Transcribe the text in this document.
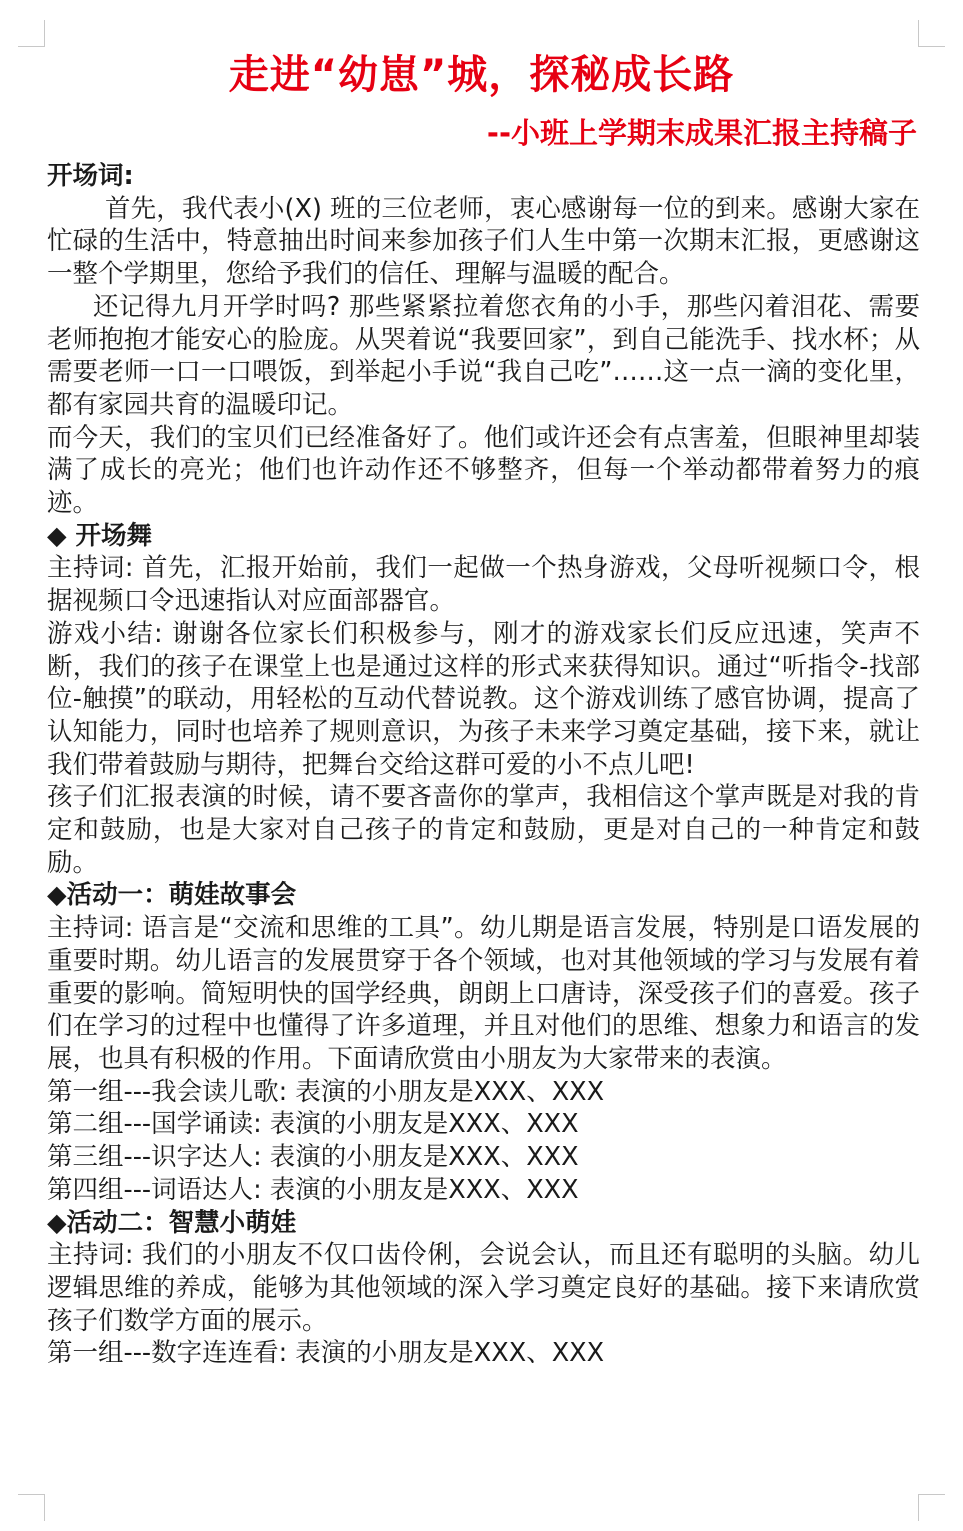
走进“幼崽”城，探秘成长路
--小班上学期末成果汇报主持稿子

开场词:

首先，我代表小(X) 班的三位老师，衷心感谢每一位的到来。感谢大家在忙碌的生活中，特意抽出时间来参加孩子们人生中第一次期末汇报，更感谢这一整个学期里，您给予我们的信任、理解与温暖的配合。

还记得九月开学时吗? 那些紧紧拉着您衣角的小手，那些闪着泪花、需要老师抱抱才能安心的脸庞。从哭着说“我要回家”，到自己能洗手、找水杯；从需要老师一口一口喂饭，到举起小手说“我自己吃”……这一点一滴的变化里，都有家园共育的温暖印记。

而今天，我们的宝贝们已经准备好了。他们或许还会有点害羞，但眼神里却装满了成长的亮光；他们也许动作还不够整齐，但每一个举动都带着努力的痕迹。

◆ 开场舞

主持词: 首先，汇报开始前，我们一起做一个热身游戏，父母听视频口令，根据视频口令迅速指认对应面部器官。

游戏小结: 谢谢各位家长们积极参与，刚才的游戏家长们反应迅速，笑声不断，我们的孩子在课堂上也是通过这样的形式来获得知识。通过“听指令-找部位-触摸”的联动，用轻松的互动代替说教。这个游戏训练了感官协调，提高了认知能力，同时也培养了规则意识，为孩子未来学习奠定基础，接下来，就让我们带着鼓励与期待，把舞台交给这群可爱的小不点儿吧!

孩子们汇报表演的时候，请不要吝啬你的掌声，我相信这个掌声既是对我的肯定和鼓励，也是大家对自己孩子的肯定和鼓励，更是对自己的一种肯定和鼓励。

◆活动一：萌娃故事会

主持词: 语言是“交流和思维的工具”。幼儿期是语言发展，特别是口语发展的重要时期。幼儿语言的发展贯穿于各个领域，也对其他领域的学习与发展有着重要的影响。简短明快的国学经典，朗朗上口唐诗，深受孩子们的喜爱。孩子们在学习的过程中也懂得了许多道理，并且对他们的思维、想象力和语言的发展，也具有积极的作用。下面请欣赏由小朋友为大家带来的表演。

第一组---我会读儿歌: 表演的小朋友是XXX、XXX

第二组---国学诵读: 表演的小朋友是XXX、XXX

第三组---识字达人: 表演的小朋友是XXX、XXX

第四组---词语达人: 表演的小朋友是XXX、XXX

◆活动二：智慧小萌娃

主持词: 我们的小朋友不仅口齿伶俐，会说会认，而且还有聪明的头脑。幼儿逻辑思维的养成，能够为其他领域的深入学习奠定良好的基础。接下来请欣赏孩子们数学方面的展示。

第一组---数字连连看: 表演的小朋友是XXX、XXX
